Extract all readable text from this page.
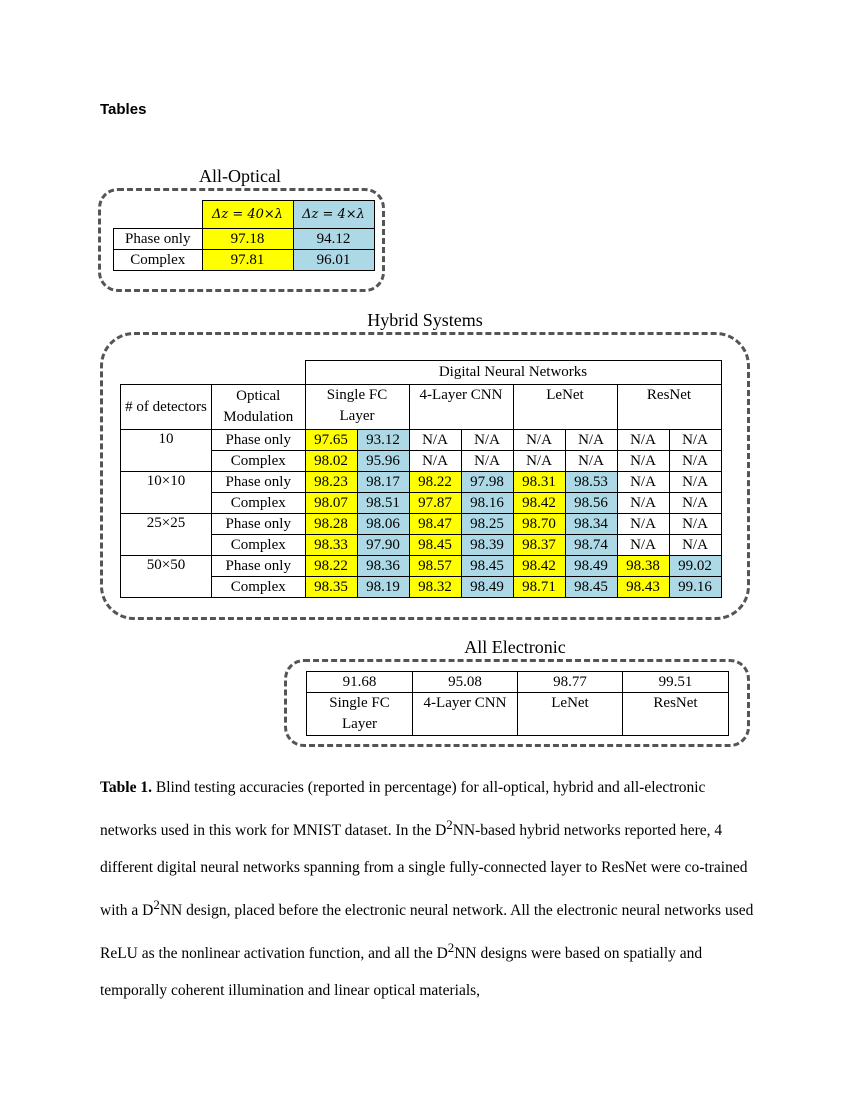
Tables
All-Optical
	Δz = 40×λ	Δz = 4×λ
Phase only	97.18	94.12
Complex	97.81	96.01
Hybrid Systems
		Digital Neural Networks							
# of detectors	Optical Modulation	Single FC Layer		4-Layer CNN		LeNet		ResNet	
10	Phase only	97.65	93.12	N/A	N/A	N/A	N/A	N/A	N/A
	Complex	98.02	95.96	N/A	N/A	N/A	N/A	N/A	N/A
10×10	Phase only	98.23	98.17	98.22	97.98	98.31	98.53	N/A	N/A
	Complex	98.07	98.51	97.87	98.16	98.42	98.56	N/A	N/A
25×25	Phase only	98.28	98.06	98.47	98.25	98.70	98.34	N/A	N/A
	Complex	98.33	97.90	98.45	98.39	98.37	98.74	N/A	N/A
50×50	Phase only	98.22	98.36	98.57	98.45	98.42	98.49	98.38	99.02
	Complex	98.35	98.19	98.32	98.49	98.71	98.45	98.43	99.16
All Electronic
91.68	95.08	98.77	99.51
Single FC Layer	4-Layer CNN	LeNet	ResNet
Table 1. Blind testing accuracies (reported in percentage) for all-optical, hybrid and all-electronic networks used in this work for MNIST dataset. In the $D^2NN$-based hybrid networks reported here, 4 different digital neural networks spanning from a single fully-connected layer to ResNet were co-trained with a $D^2NN$ design, placed before the electronic neural network. All the electronic neural networks used ReLU as the nonlinear activation function, and all the $D^2NN$ designs were based on spatially and temporally coherent illumination and linear optical materials,
